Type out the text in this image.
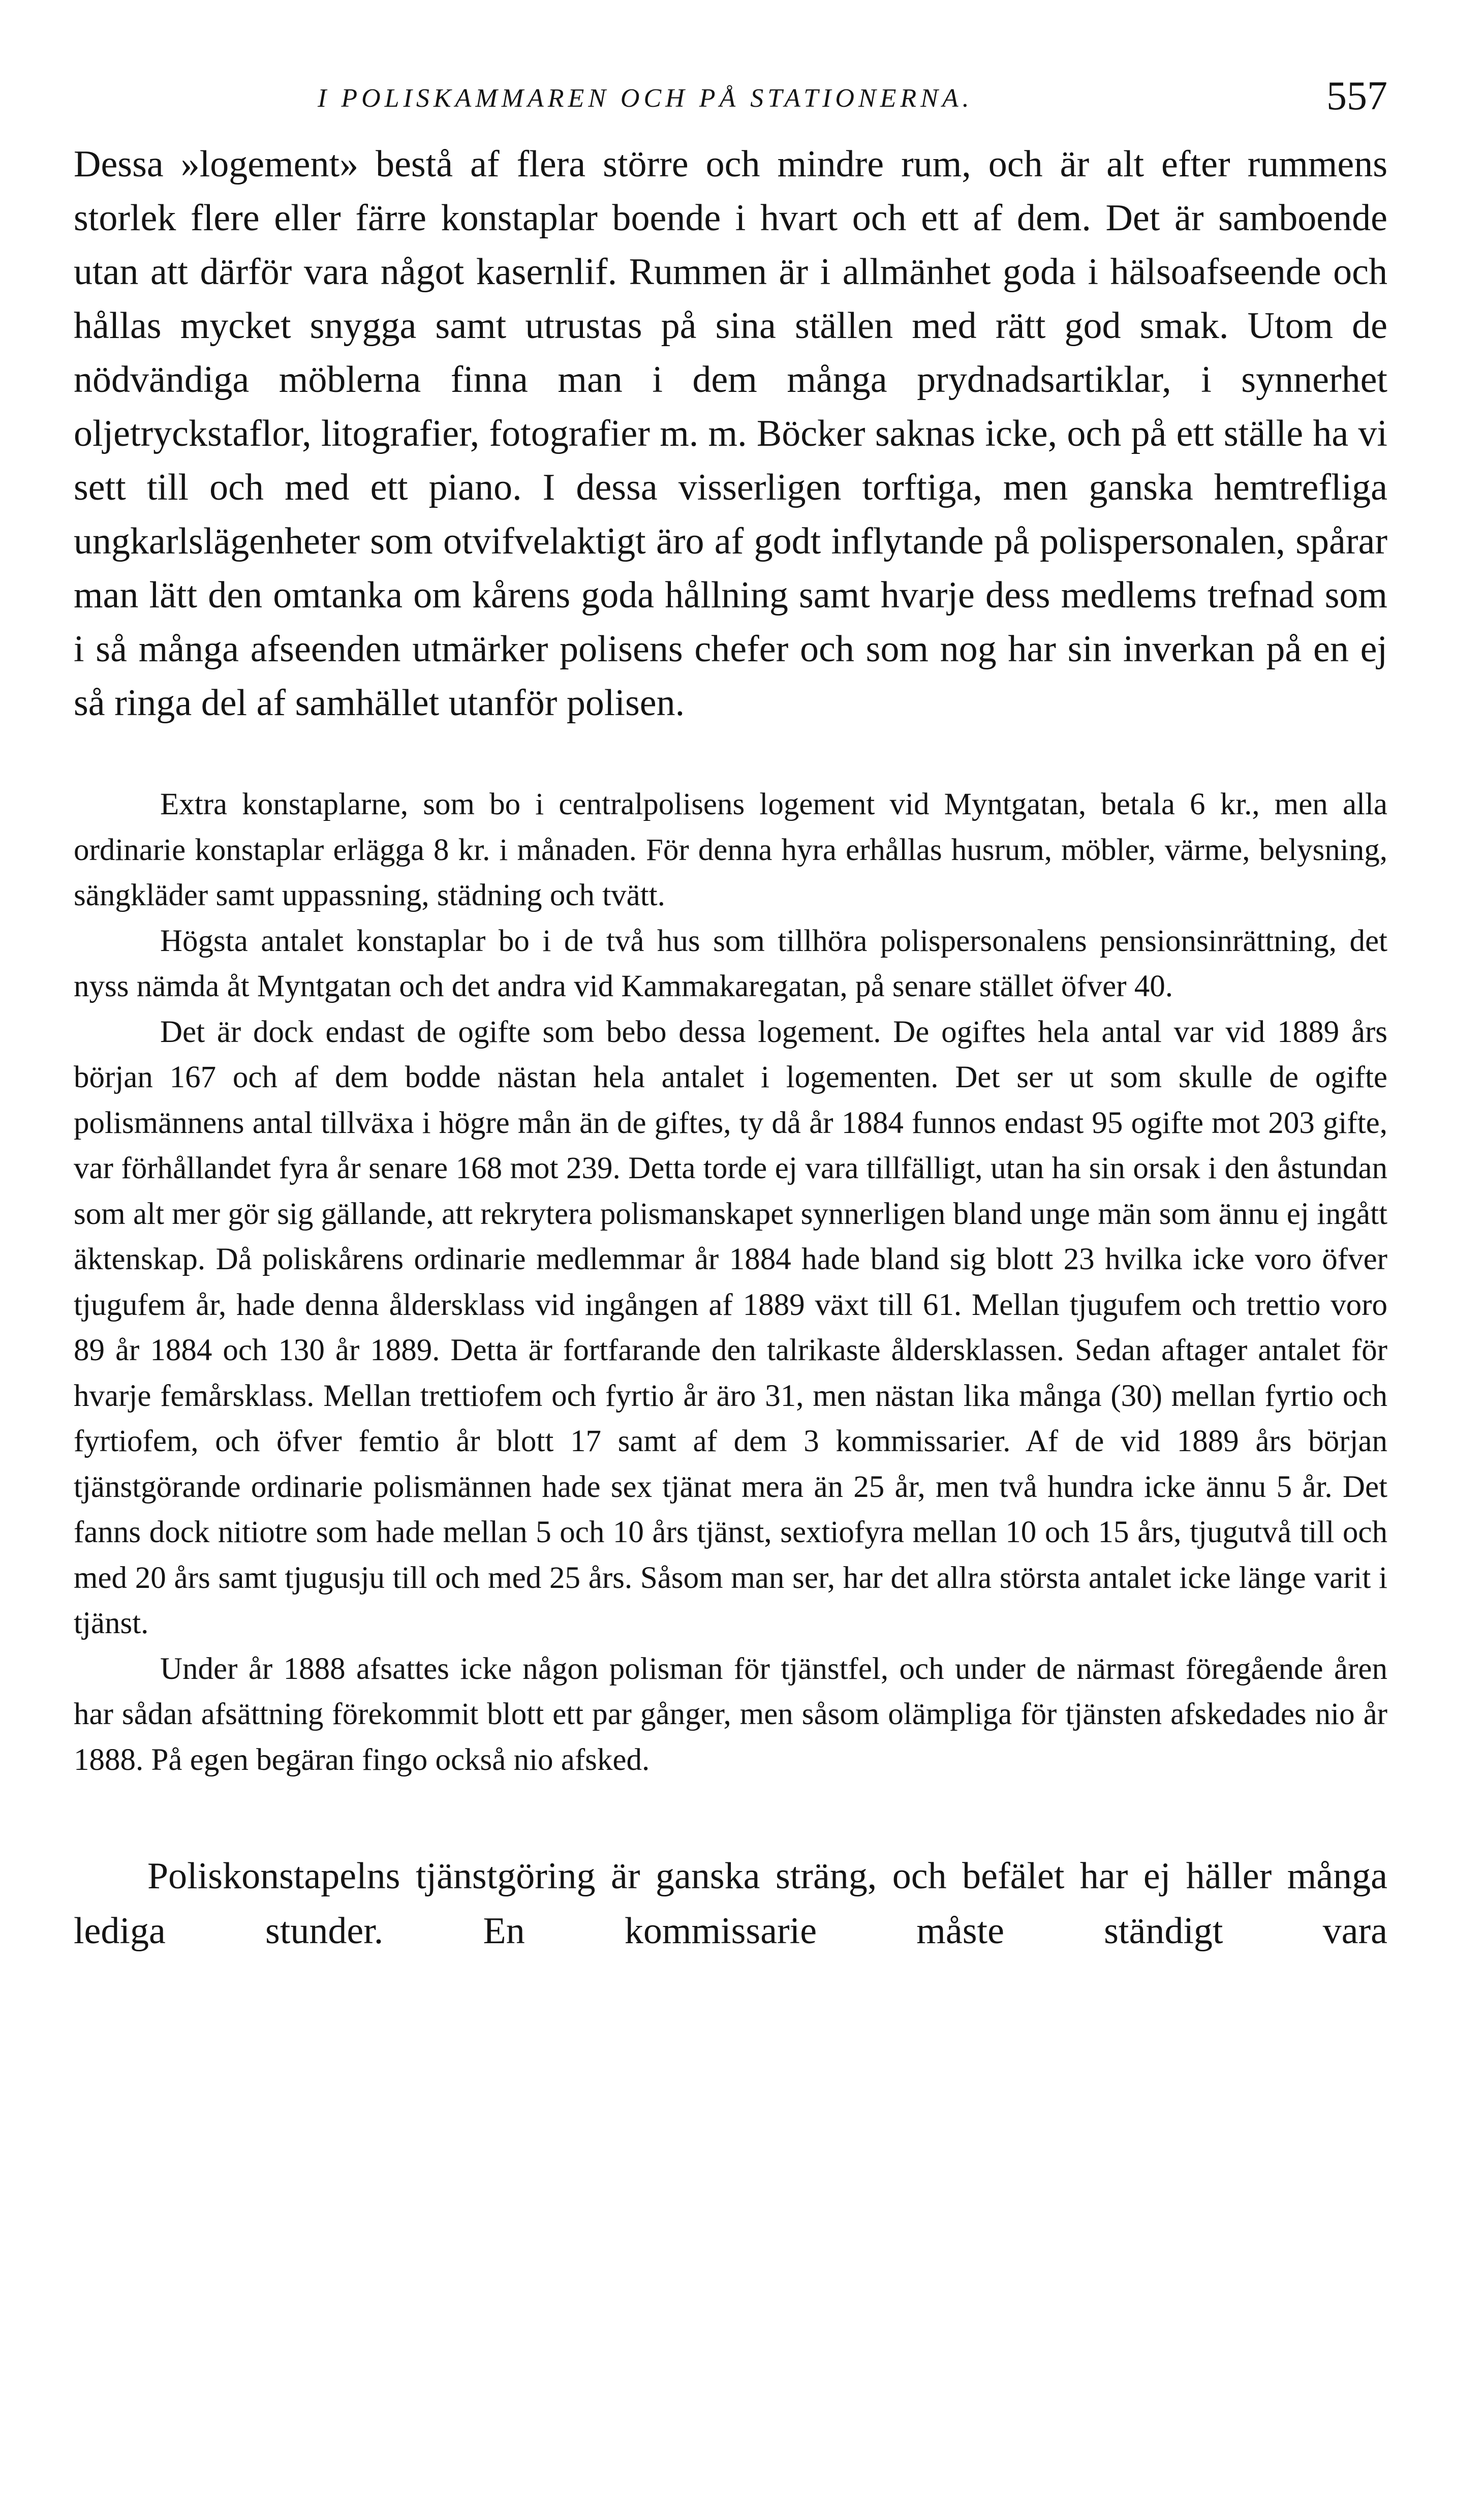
I POLISKAMMAREN OCH PÅ STATIONERNA.	557

Dessa »logement» bestå af flera större och mindre rum, och är alt efter rummens storlek flere eller färre konstaplar boende i hvart och ett af dem. Det är samboende utan att därför vara något kasernlif. Rummen är i allmänhet goda i hälsoafseende och hållas mycket snygga samt utrustas på sina ställen med rätt god smak. Utom de nödvändiga möblerna finna man i dem många prydnadsartiklar, i synnerhet oljetryckstaflor, litografier, fotografier m. m. Böcker saknas icke, och på ett ställe ha vi sett till och med ett piano. I dessa visserligen torftiga, men ganska hemtrefliga ungkarlslägenheter som otvifvelaktigt äro af godt inflytande på polispersonalen, spårar man lätt den omtanka om kårens goda hållning samt hvarje dess medlems trefnad som i så många afseenden utmärker polisens chefer och som nog har sin inverkan på en ej så ringa del af samhället utanför polisen.

Extra konstaplarne, som bo i centralpolisens logement vid Myntgatan, betala 6 kr., men alla ordinarie konstaplar erlägga 8 kr. i månaden. För denna hyra erhållas husrum, möbler, värme, belysning, sängkläder samt uppassning, städning och tvätt.

Högsta antalet konstaplar bo i de två hus som tillhöra polispersonalens pensionsinrättning, det nyss nämda åt Myntgatan och det andra vid Kammakaregatan, på senare stället öfver 40.

Det är dock endast de ogifte som bebo dessa logement. De ogiftes hela antal var vid 1889 års början 167 och af dem bodde nästan hela antalet i logementen. Det ser ut som skulle de ogifte polismännens antal tillväxa i högre mån än de giftes, ty då år 1884 funnos endast 95 ogifte mot 203 gifte, var förhållandet fyra år senare 168 mot 239. Detta torde ej vara tillfälligt, utan ha sin orsak i den åstundan som alt mer gör sig gällande, att rekrytera polismanskapet synnerligen bland unge män som ännu ej ingått äktenskap. Då poliskårens ordinarie medlemmar år 1884 hade bland sig blott 23 hvilka icke voro öfver tjugufem år, hade denna åldersklass vid ingången af 1889 växt till 61. Mellan tjugufem och trettio voro 89 år 1884 och 130 år 1889. Detta är fortfarande den talrikaste åldersklassen. Sedan aftager antalet för hvarje femårsklass. Mellan trettiofem och fyrtio år äro 31, men nästan lika många (30) mellan fyrtio och fyrtiofem, och öfver femtio år blott 17 samt af dem 3 kommissarier. Af de vid 1889 års början tjänstgörande ordinarie polismännen hade sex tjänat mera än 25 år, men två hundra icke ännu 5 år. Det fanns dock nitiotre som hade mellan 5 och 10 års tjänst, sextiofyra mellan 10 och 15 års, tjugutvå till och med 20 års samt tjugusju till och med 25 års. Såsom man ser, har det allra största antalet icke länge varit i tjänst.

Under år 1888 afsattes icke någon polisman för tjänstfel, och under de närmast föregående åren har sådan afsättning förekommit blott ett par gånger, men såsom olämpliga för tjänsten afskedades nio år 1888. På egen begäran fingo också nio afsked.

Poliskonstapelns tjänstgöring är ganska sträng, och befälet har ej häller många lediga stunder. En kommissarie måste ständigt vara
